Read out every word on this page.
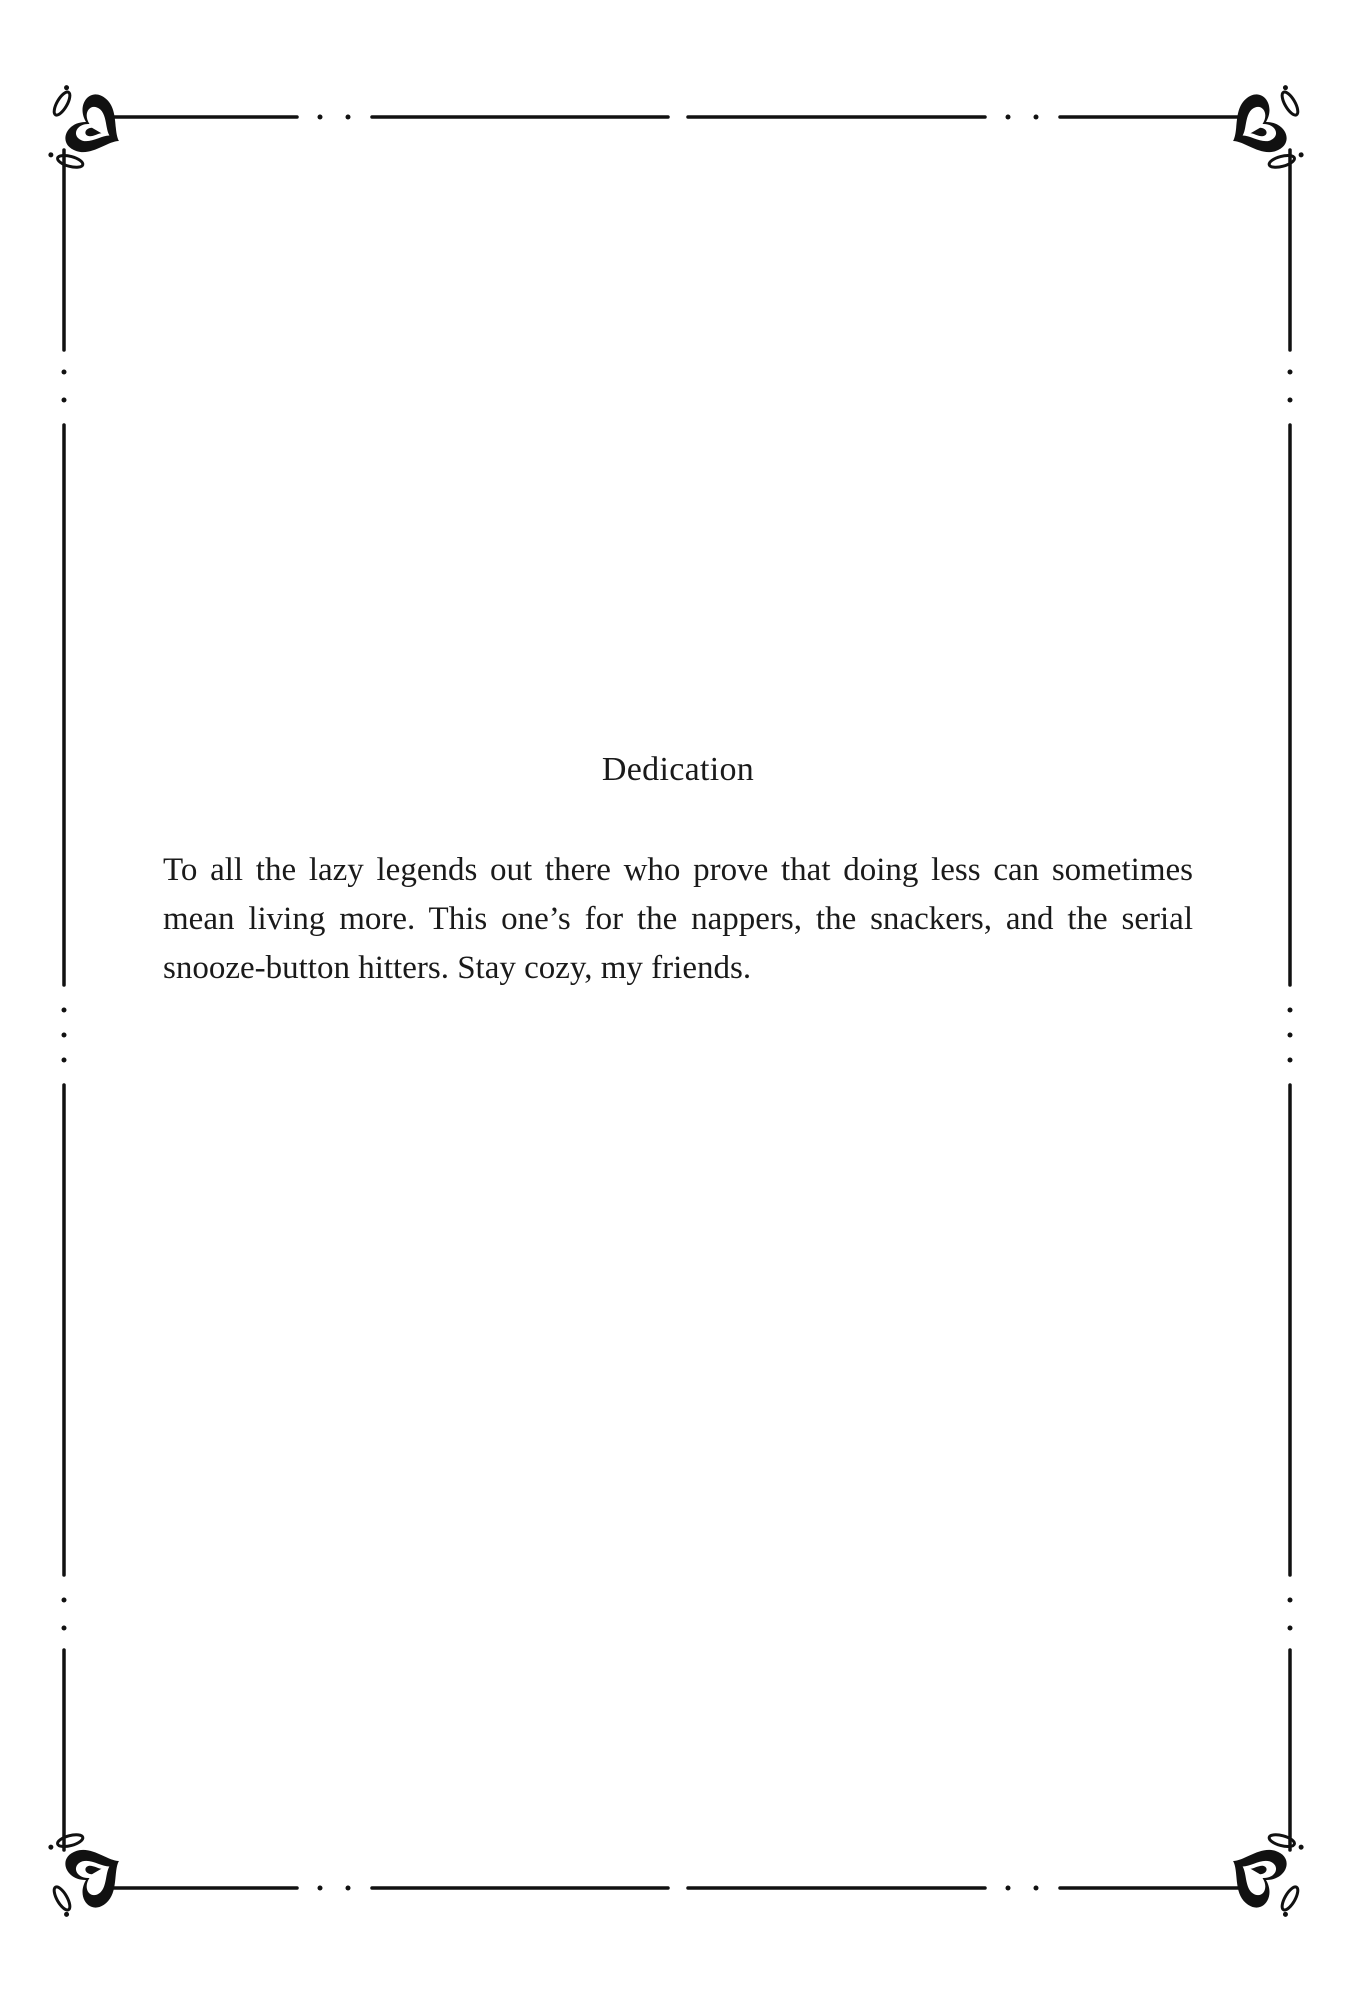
Dedication

To all the lazy legends out there who prove that doing less can sometimes mean living more. This one’s for the nappers, the snackers, and the serial snooze-button hitters. Stay cozy, my friends.
